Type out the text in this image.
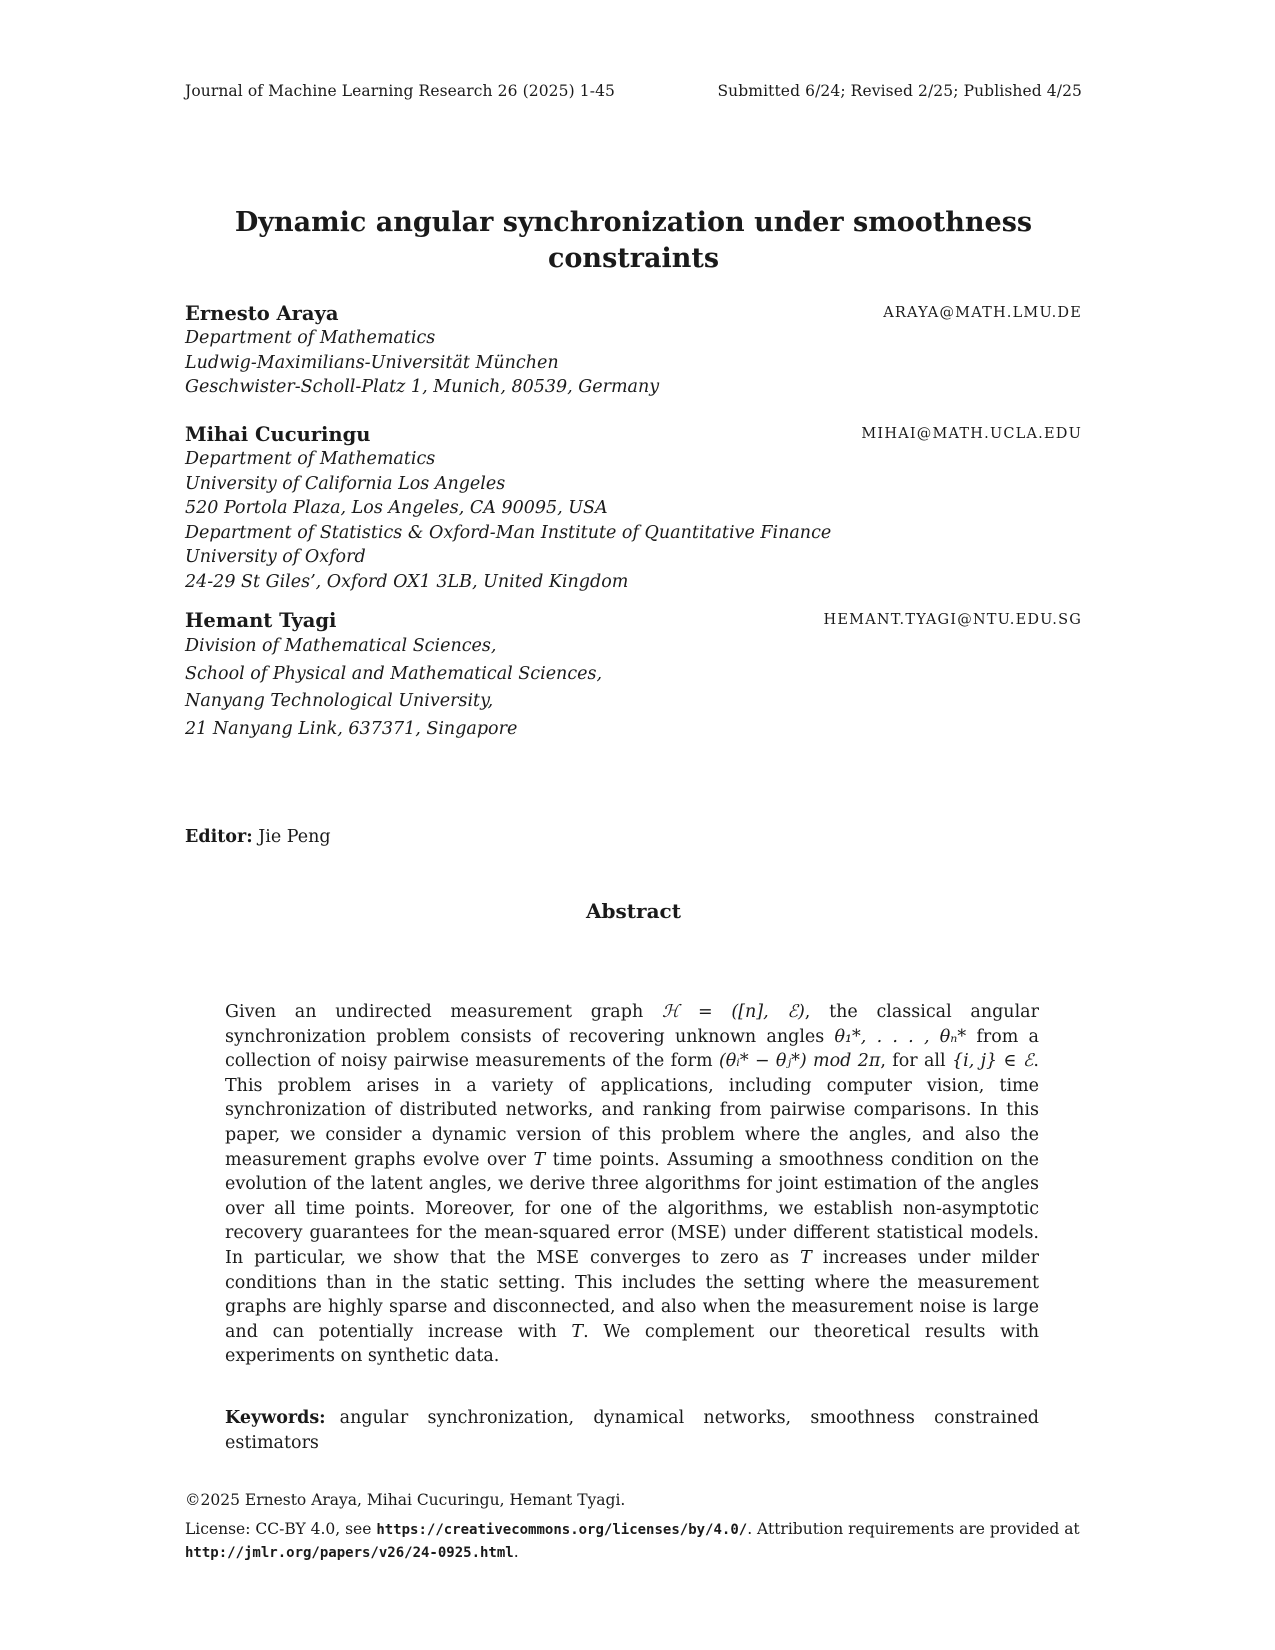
Journal of Machine Learning Research 26 (2025) 1-45	Submitted 6/24; Revised 2/25; Published 4/25
Dynamic angular synchronization under smoothness
constraints
Ernesto Araya	ARAYA@MATH.LMU.DE
Department of Mathematics
Ludwig-Maximilians-Universität München
Geschwister-Scholl-Platz 1, Munich, 80539, Germany
Mihai Cucuringu	MIHAI@MATH.UCLA.EDU
Department of Mathematics
University of California Los Angeles
520 Portola Plaza, Los Angeles, CA 90095, USA
Department of Statistics & Oxford-Man Institute of Quantitative Finance
University of Oxford
24-29 St Giles’, Oxford OX1 3LB, United Kingdom
Hemant Tyagi	HEMANT.TYAGI@NTU.EDU.SG
Division of Mathematical Sciences,
School of Physical and Mathematical Sciences,
Nanyang Technological University,
21 Nanyang Link, 637371, Singapore
Editor: Jie Peng
Abstract
Given an undirected measurement graph ℋ = ([n], ℰ), the classical angular synchronization problem consists of recovering unknown angles θ₁*, . . . , θₙ* from a collection of noisy pairwise measurements of the form (θᵢ* − θⱼ*) mod 2π, for all {i, j} ∈ ℰ. This problem arises in a variety of applications, including computer vision, time synchronization of distributed networks, and ranking from pairwise comparisons. In this paper, we consider a dynamic version of this problem where the angles, and also the measurement graphs evolve over T time points. Assuming a smoothness condition on the evolution of the latent angles, we derive three algorithms for joint estimation of the angles over all time points. Moreover, for one of the algorithms, we establish non-asymptotic recovery guarantees for the mean-squared error (MSE) under different statistical models. In particular, we show that the MSE converges to zero as T increases under milder conditions than in the static setting. This includes the setting where the measurement graphs are highly sparse and disconnected, and also when the measurement noise is large and can potentially increase with T. We complement our theoretical results with experiments on synthetic data.
Keywords: angular synchronization, dynamical networks, smoothness constrained estimators
©2025 Ernesto Araya, Mihai Cucuringu, Hemant Tyagi.
License: CC-BY 4.0, see https://creativecommons.org/licenses/by/4.0/. Attribution requirements are provided at http://jmlr.org/papers/v26/24-0925.html.
